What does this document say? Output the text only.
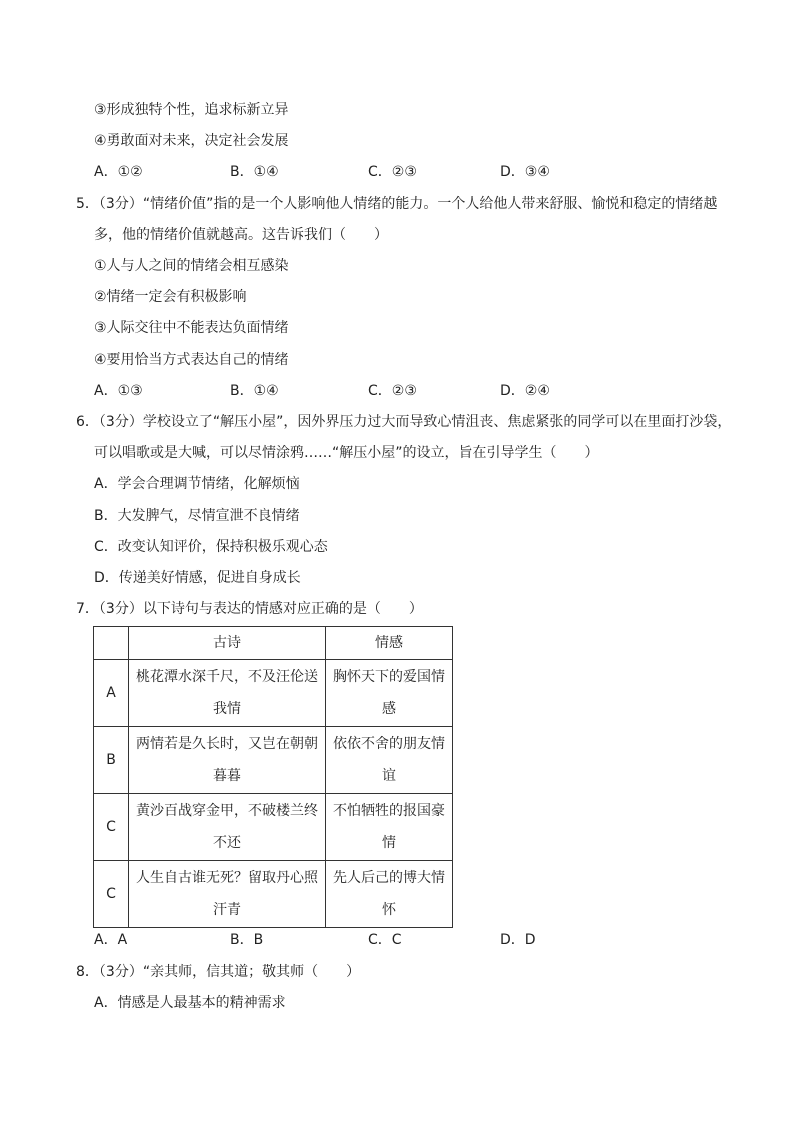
③形成独特个性，追求标新立异
④勇敢面对未来，决定社会发展
A．①②	B．①④	C．②③	D．③④
5．（3分）“情绪价值”指的是一个人影响他人情绪的能力。一个人给他人带来舒服、愉悦和稳定的情绪越
多，他的情绪价值就越高。这告诉我们（　　）
①人与人之间的情绪会相互感染
②情绪一定会有积极影响
③人际交往中不能表达负面情绪
④要用恰当方式表达自己的情绪
A．①③	B．①④	C．②③	D．②④
6．（3分）学校设立了“解压小屋”，因外界压力过大而导致心情沮丧、焦虑紧张的同学可以在里面打沙袋，
可以唱歌或是大喊，可以尽情涂鸦……“解压小屋”的设立，旨在引导学生（　　）
A．学会合理调节情绪，化解烦恼
B．大发脾气，尽情宣泄不良情绪
C．改变认知评价，保持积极乐观心态
D．传递美好情感，促进自身成长
7．（3分）以下诗句与表达的情感对应正确的是（　　）
	古诗	情感
A	桃花潭水深千尺，不及汪伦送我情	胸怀天下的爱国情感
B	两情若是久长时，又岂在朝朝暮暮	依依不舍的朋友情谊
C	黄沙百战穿金甲，不破楼兰终不还	不怕牺牲的报国豪情
C	人生自古谁无死？留取丹心照汗青	先人后己的博大情怀
A．A	B．B	C．C	D．D
8．（3分）“亲其师，信其道；敬其师（　　）
A．情感是人最基本的精神需求
